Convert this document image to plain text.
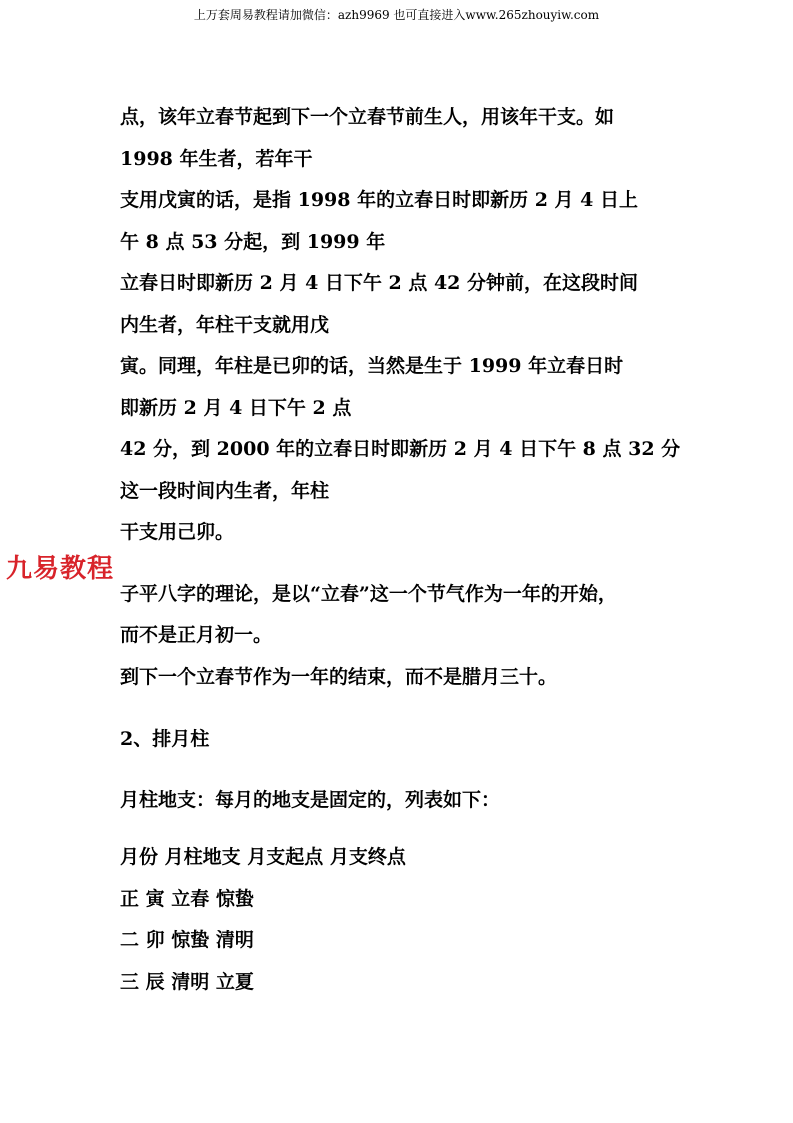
上万套周易教程请加微信：azh9969 也可直接进入www.265zhouyiw.com
九易教程
点，该年立春节起到下一个立春节前生人，用该年干支。如
1998 年生者，若年干
支用戊寅的话，是指 1998 年的立春日时即新历 2 月 4 日上
午 8 点 53 分起，到 1999 年
立春日时即新历 2 月 4 日下午 2 点 42 分钟前，在这段时间
内生者，年柱干支就用戊
寅。同理，年柱是已卯的话，当然是生于 1999 年立春日时
即新历 2 月 4 日下午 2 点
42 分，到 2000 年的立春日时即新历 2 月 4 日下午 8 点 32 分
这一段时间内生者，年柱
干支用己卯。
子平八字的理论，是以“立春”这一个节气作为一年的开始，
而不是正月初一。
到下一个立春节作为一年的结束，而不是腊月三十。
2、排月柱
月柱地支：每月的地支是固定的，列表如下：
月份 月柱地支 月支起点 月支终点
正 寅 立春 惊蛰
二 卯 惊蛰 清明
三 辰 清明 立夏
